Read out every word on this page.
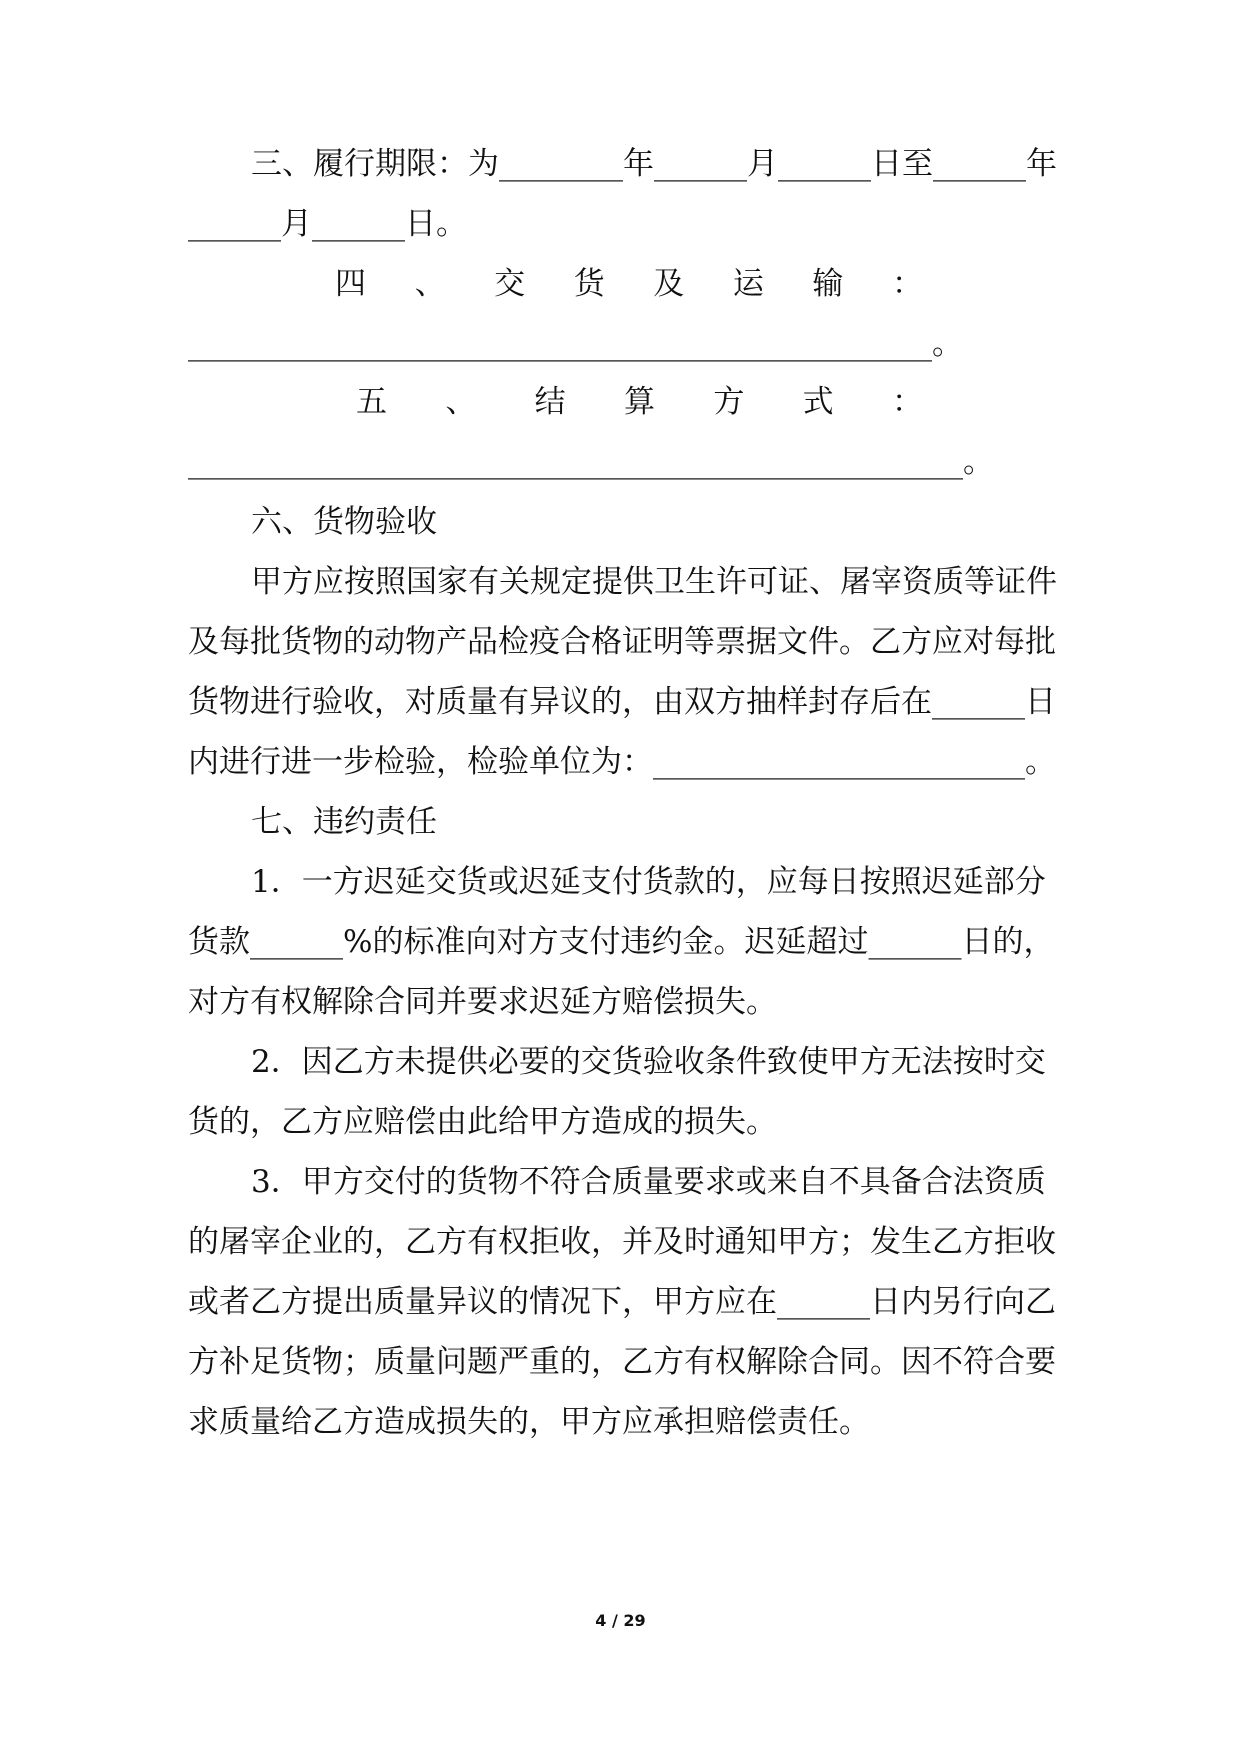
三、履行期限：为________年______月______日至______年
______月______日。
四 、 交 货 及 运 输 ：
________________________________________________。
五 、 结 算 方 式 ：
__________________________________________________。
六、货物验收
甲方应按照国家有关规定提供卫生许可证、屠宰资质等证件
及每批货物的动物产品检疫合格证明等票据文件。乙方应对每批
货物进行验收，对质量有异议的，由双方抽样封存后在______日
内进行进一步检验，检验单位为：________________________。
七、违约责任
1．一方迟延交货或迟延支付货款的，应每日按照迟延部分
货款______%的标准向对方支付违约金。迟延超过______日的，
对方有权解除合同并要求迟延方赔偿损失。
2．因乙方未提供必要的交货验收条件致使甲方无法按时交
货的，乙方应赔偿由此给甲方造成的损失。
3．甲方交付的货物不符合质量要求或来自不具备合法资质
的屠宰企业的，乙方有权拒收，并及时通知甲方；发生乙方拒收
或者乙方提出质量异议的情况下，甲方应在______日内另行向乙
方补足货物；质量问题严重的，乙方有权解除合同。因不符合要
求质量给乙方造成损失的，甲方应承担赔偿责任。
4 / 29
